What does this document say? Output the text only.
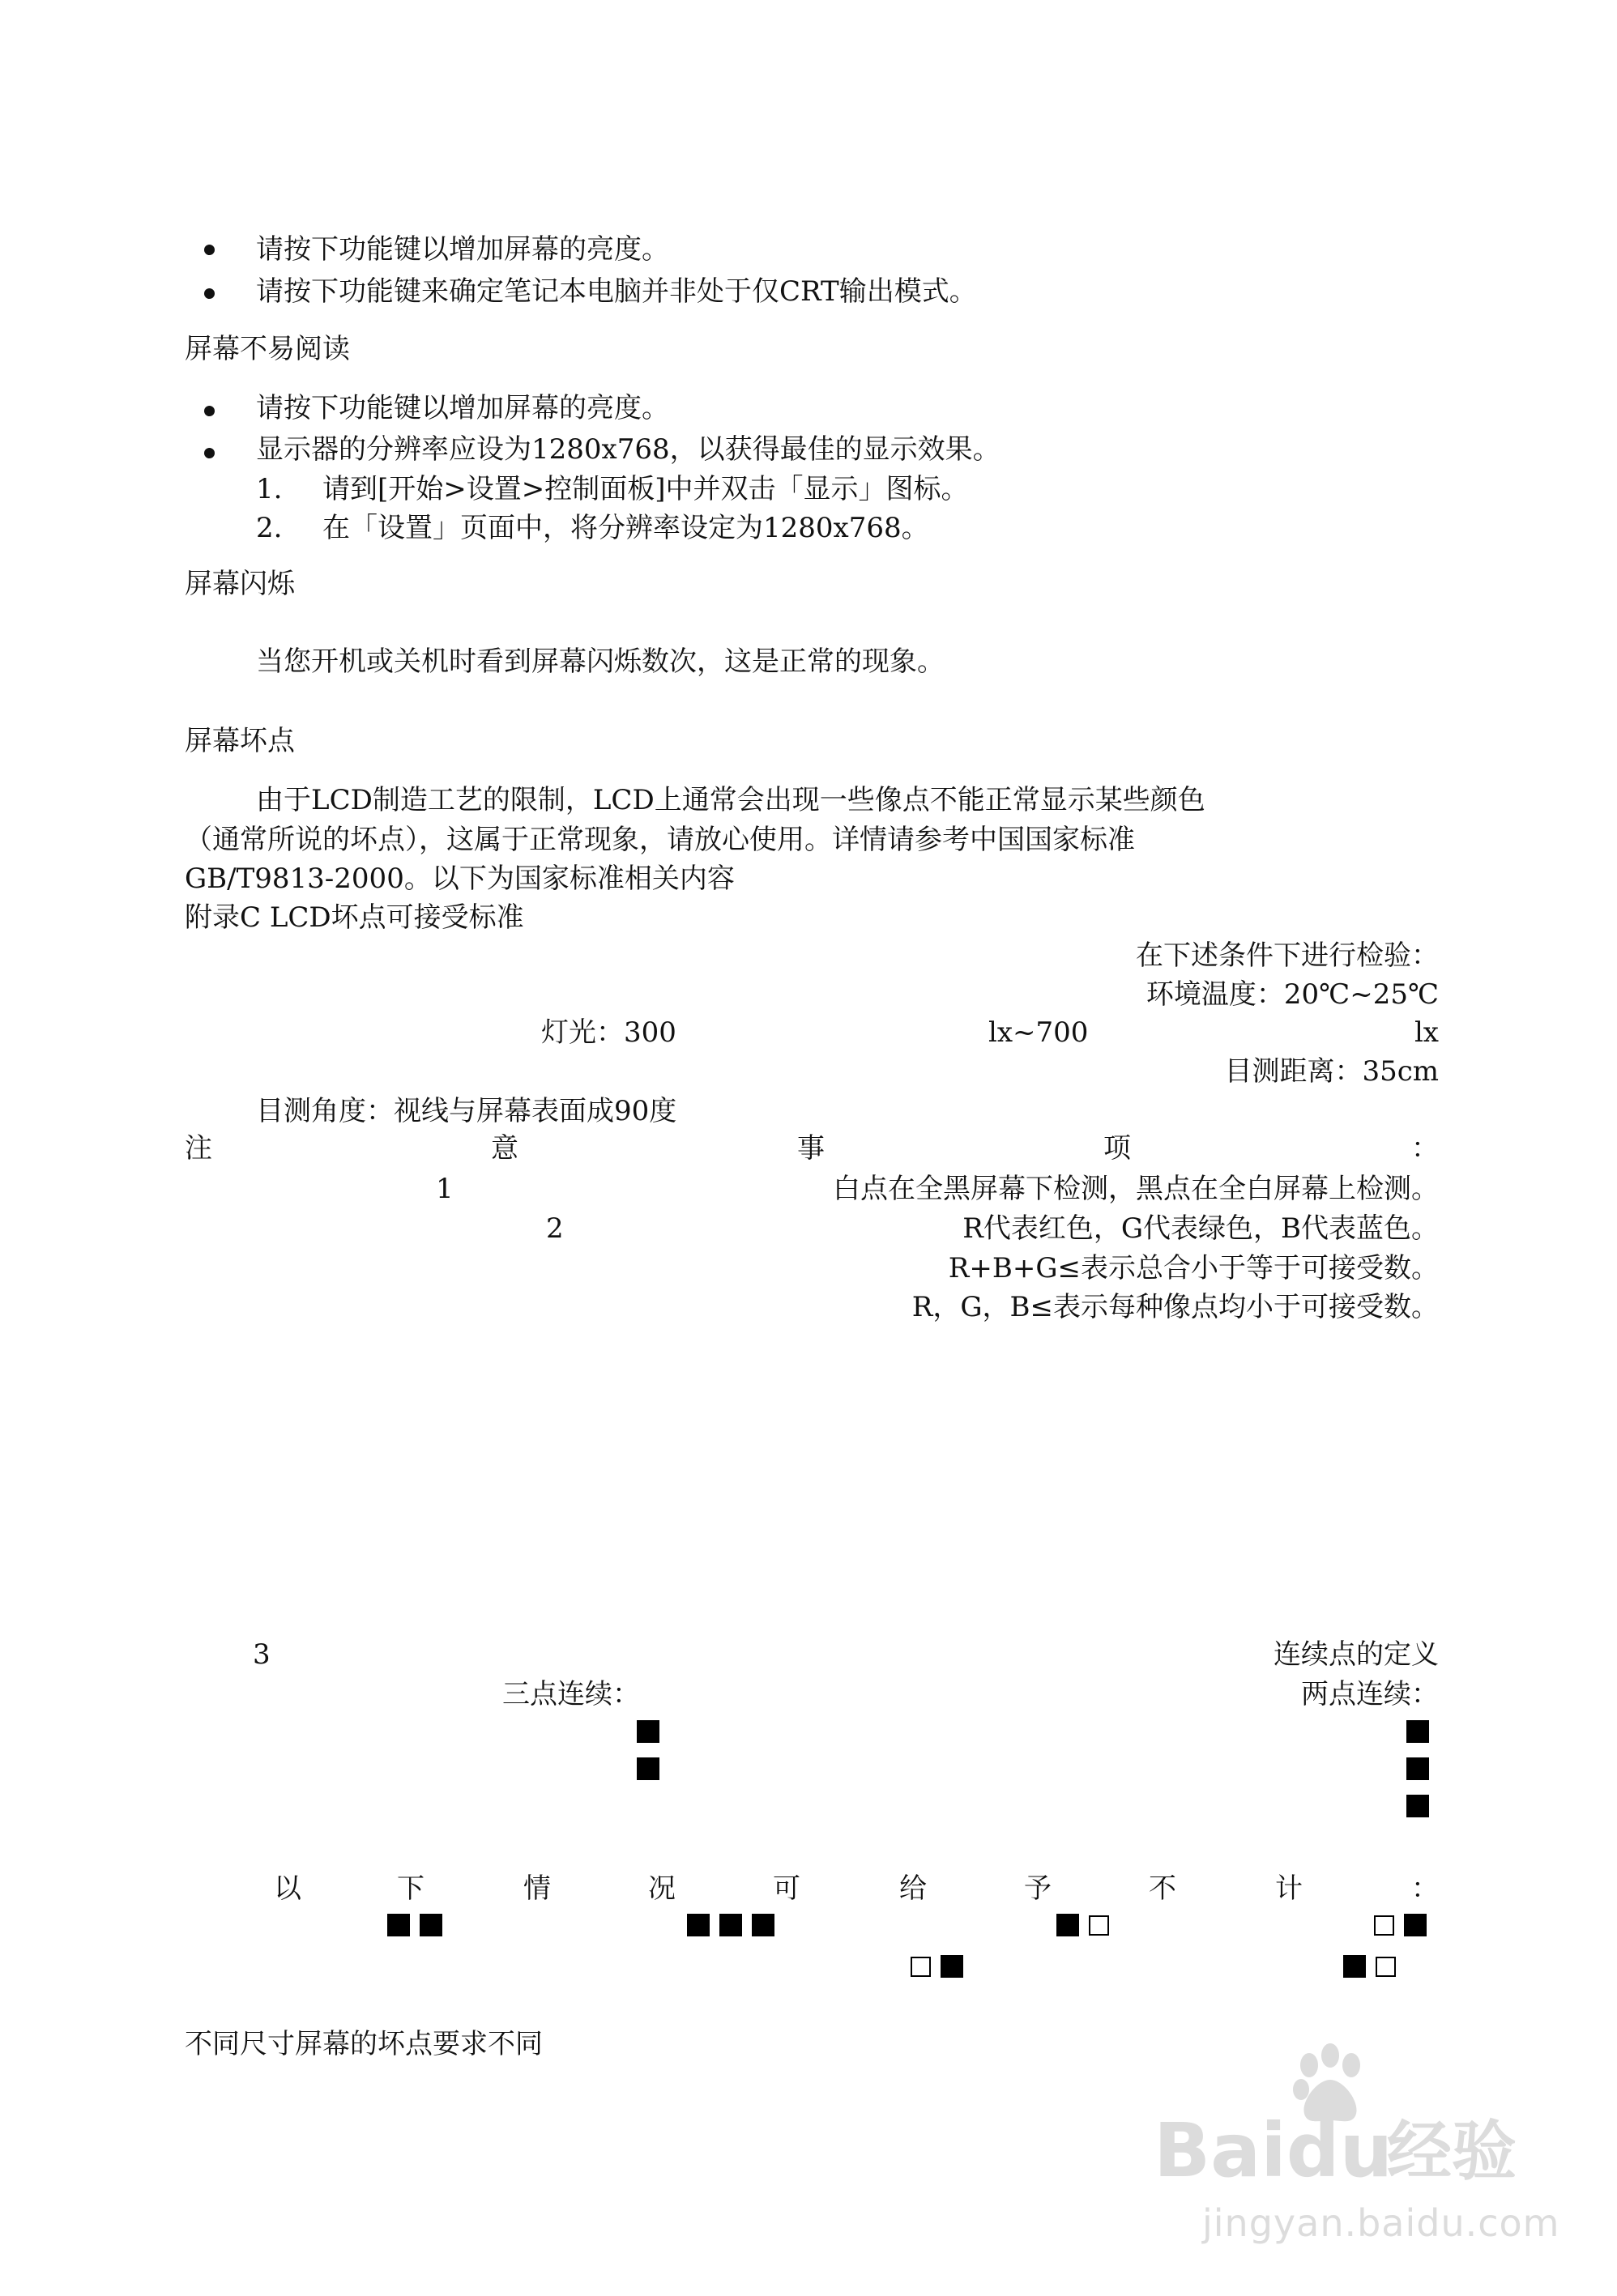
请按下功能键以增加屏幕的亮度。
请按下功能键来确定笔记本电脑并非处于仅CRT输出模式。
屏幕不易阅读
请按下功能键以增加屏幕的亮度。
显示器的分辨率应设为1280x768，以获得最佳的显示效果。
1. 请到[开始>设置>控制面板]中并双击「显示」图标。
2. 在「设置」页面中，将分辨率设定为1280x768。
屏幕闪烁
当您开机或关机时看到屏幕闪烁数次，这是正常的现象。
屏幕坏点
由于LCD制造工艺的限制，LCD上通常会出现一些像点不能正常显示某些颜色
（通常所说的坏点），这属于正常现象，请放心使用。详情请参考中国国家标准
GB/T9813-2000。以下为国家标准相关内容
附录C LCD坏点可接受标准
在下述条件下进行检验：
环境温度：20℃~25℃
灯光：300	lx~700	lx
目测距离：35cm
目测角度：视线与屏幕表面成90度
注	意	事	项	：
1	白点在全黑屏幕下检测，黑点在全白屏幕上检测。
2	R代表红色，G代表绿色，B代表蓝色。
R+B+G≤表示总合小于等于可接受数。
R，G，B≤表示每种像点均小于可接受数。
3	连续点的定义
三点连续：	两点连续：
以	下	情	况	可	给	予	不	计	：
不同尺寸屏幕的坏点要求不同
Baidu
经验
jingyan.baidu.com
